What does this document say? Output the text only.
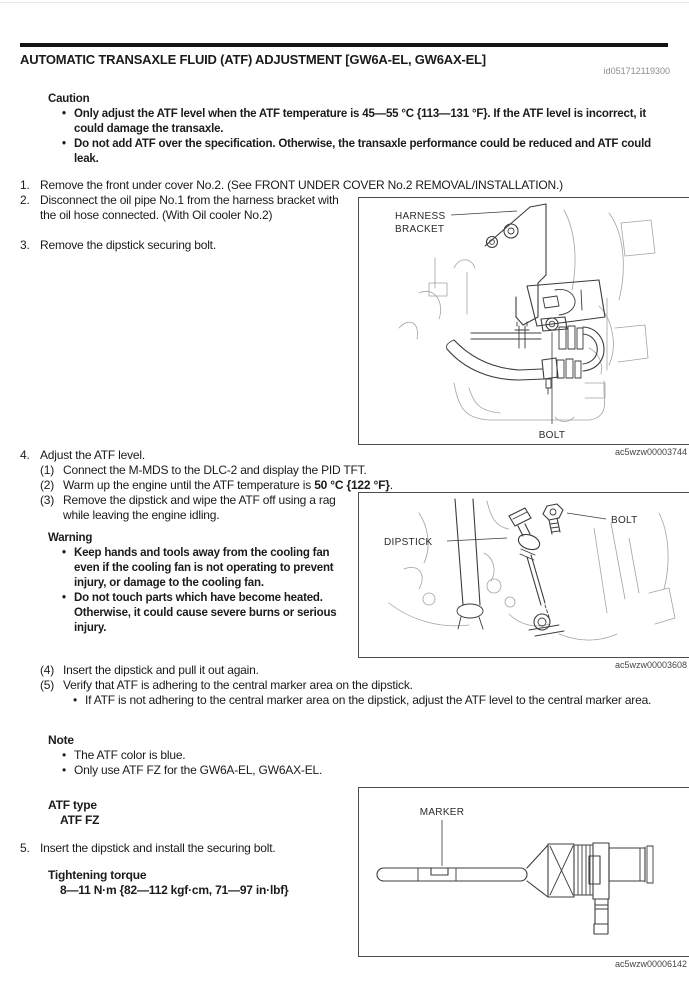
AUTOMATIC TRANSAXLE FLUID (ATF) ADJUSTMENT [GW6A-EL, GW6AX-EL]
id051712119300
Caution
• Only adjust the ATF level when the ATF temperature is 45—55 °C {113—131 °F}. If the ATF level is incorrect, it could damage the transaxle.
• Do not add ATF over the specification. Otherwise, the transaxle performance could be reduced and ATF could leak.
1. Remove the front under cover No.2. (See FRONT UNDER COVER No.2 REMOVAL/INSTALLATION.)
2. Disconnect the oil pipe No.1 from the harness bracket with the oil hose connected. (With Oil cooler No.2)
3. Remove the dipstick securing bolt.
HARNESS
BRACKET
BOLT
ac5wzw00003744
4. Adjust the ATF level.
(1) Connect the M-MDS to the DLC-2 and display the PID TFT.
(2) Warm up the engine until the ATF temperature is 50 °C {122 °F}.
(3) Remove the dipstick and wipe the ATF off using a rag while leaving the engine idling.
Warning
• Keep hands and tools away from the cooling fan even if the cooling fan is not operating to prevent injury, or damage to the cooling fan.
• Do not touch parts which have become heated. Otherwise, it could cause severe burns or serious injury.
DIPSTICK
BOLT
ac5wzw00003608
(4) Insert the dipstick and pull it out again.
(5) Verify that ATF is adhering to the central marker area on the dipstick.
• If ATF is not adhering to the central marker area on the dipstick, adjust the ATF level to the central marker area.
Note
• The ATF color is blue.
• Only use ATF FZ for the GW6A-EL, GW6AX-EL.
ATF type
ATF FZ
5. Insert the dipstick and install the securing bolt.
Tightening torque
8—11 N·m {82—112 kgf·cm, 71—97 in·lbf}
MARKER
ac5wzw00006142
